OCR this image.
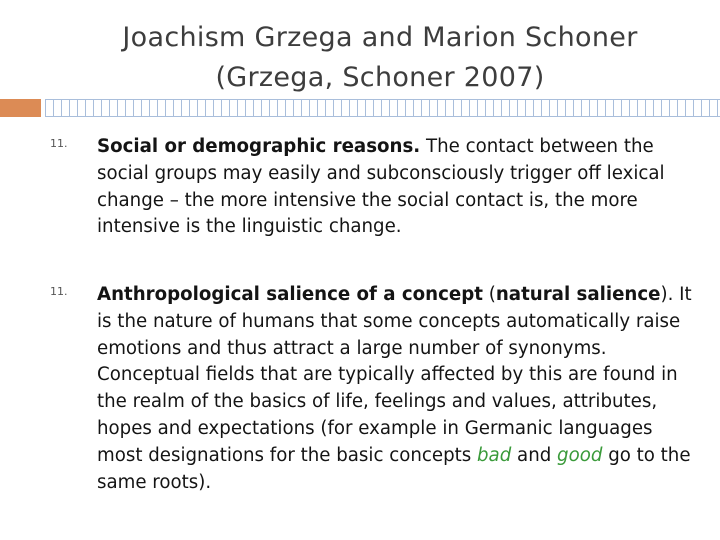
Joachism Grzega and Marion Schoner
(Grzega, Schoner 2007)
11. Social or demographic reasons. The contact between the social groups may easily and subconsciously trigger off lexical change – the more intensive the social contact is, the more intensive is the linguistic change.
11. Anthropological salience of a concept (natural salience). It is the nature of humans that some concepts automatically raise emotions and thus attract a large number of synonyms. Conceptual fields that are typically affected by this are found in the realm of the basics of life, feelings and values, attributes, hopes and expectations (for example in Germanic languages most designations for the basic concepts bad and good go to the same roots).
